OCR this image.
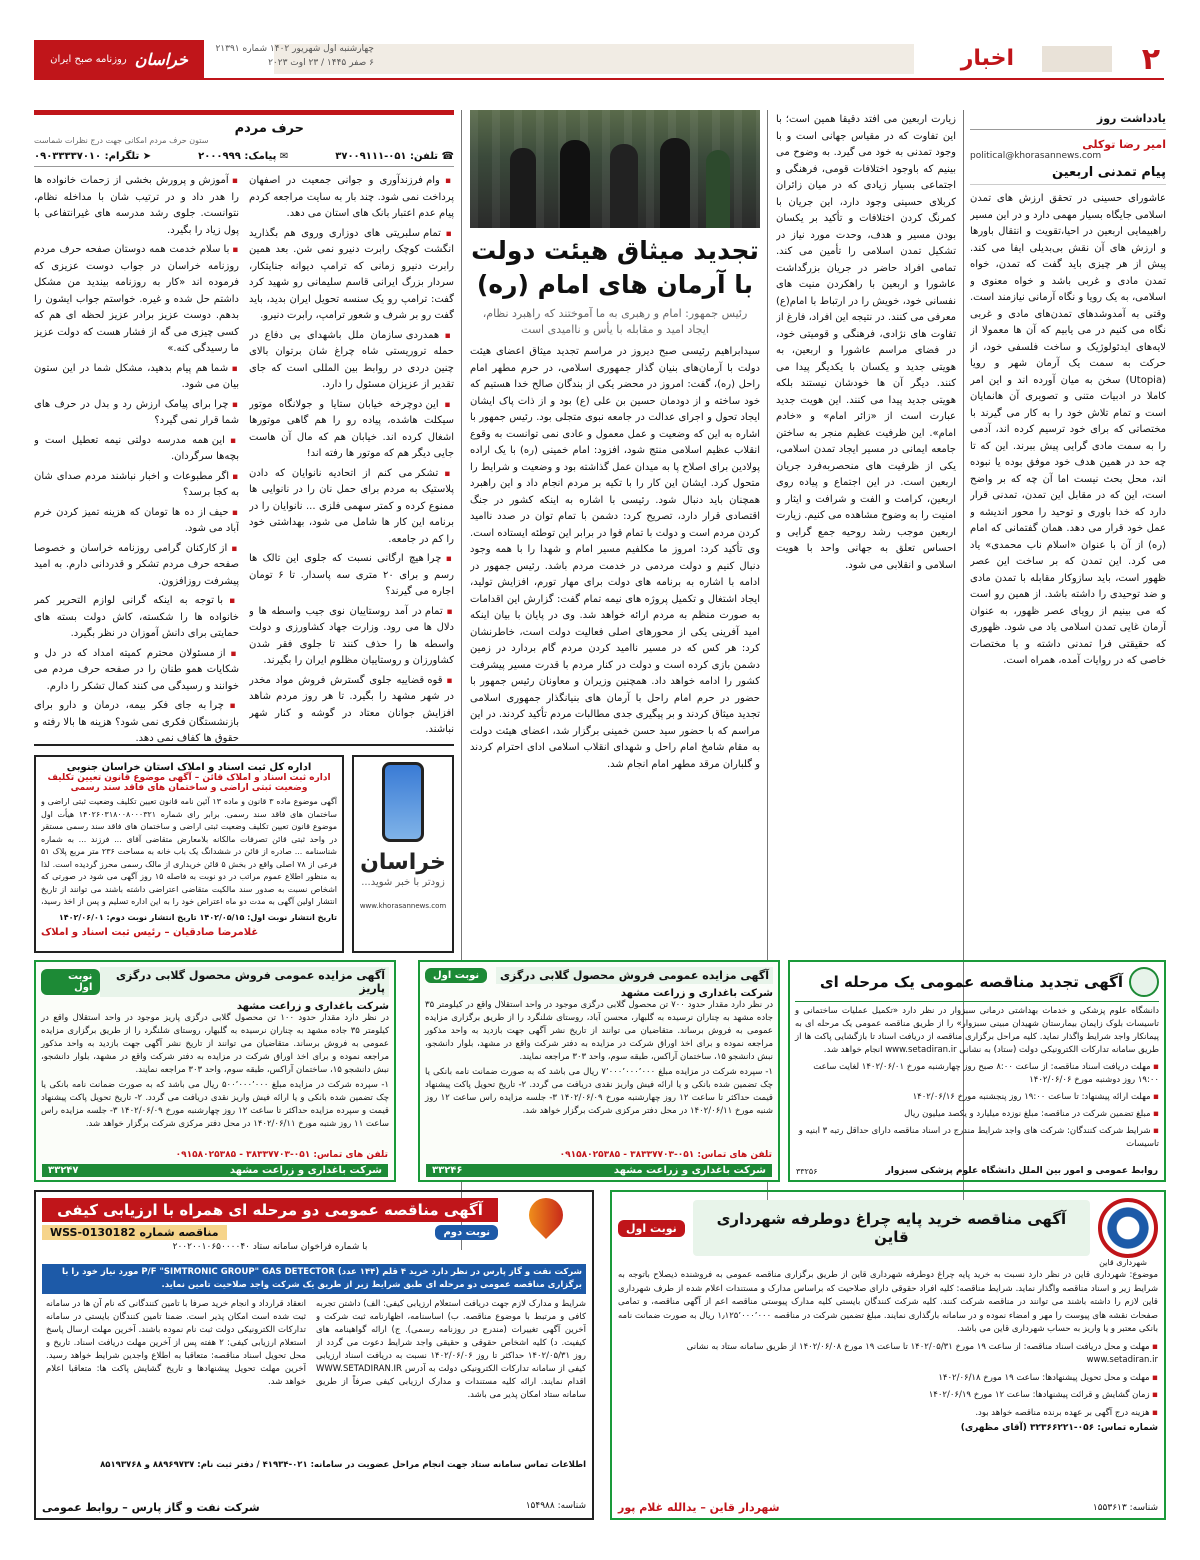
۲
اخبار
چهارشنبه اول شهریور ۱۴۰۲ شماره ۲۱۳۹۱
۶ صفر ۱۴۴۵ / ۲۳ اوت ۲۰۲۳
خراسان
روزنامه صبح ایران
یادداشت روز
امیر رضا توکلی
political@khorasannews.com
پیام تمدنی اربعین
عاشورای حسینی در تحقق ارزش های تمدن اسلامی جایگاه بسیار مهمی دارد و در این مسیر راهبیمایی اربعین در احیا،تقویت و انتقال باورها و ارزش های آن نقش بی‌بدیلی ایفا می کند. پیش از هر چیزی باید گفت که تمدن، خواه تمدن مادی و غربی باشد و خواه معنوی و اسلامی، به یک رویا و نگاه آرمانی نیازمند است. وقتی به آمدوشدهای تمدن‌های مادی و غربی نگاه می کنیم در می یابیم که آن ها معمولا از لایه‌های ایدئولوژیک و ساخت فلسفی خود، از حرکت به سمت یک آرمان شهر و رویا (Utopia) سخن به میان آورده اند و این امر کاملا در ادبیات متنی و تصویری آن هانمایان است و تمام تلاش خود را به کار می گیرند با مختصاتی که برای خود ترسیم کرده اند، آدمی را به سمت مادی گرایی پیش ببرند. این که تا چه حد در همین هدف خود موفق بوده یا نبوده اند، محل بحث نیست اما آن چه که بر واضح است، این که در مقابل این تمدن، تمدنی قرار دارد که خدا باوری و توحید را محور اندیشه و عمل خود قرار می دهد. همان گفتمانی که امام (ره) از آن با عنوان «اسلام ناب محمدی» یاد می کرد. این تمدن که بر ساخت این عصر ظهور است، باید سازوکار مقابله با تمدن مادی و ضد توحیدی را داشته باشد. از همین رو است که می بینیم از رویای عصر ظهور، به عنوان آرمان غایی تمدن اسلامی یاد می شود. ظهوری که حقیقتی فرا تمدنی داشته و با مختصات خاصی که در روایات آمده، همراه است.
زیارت اربعین می افتد دقیقا همین است؛ با این تفاوت که در مقیاس جهانی است و با وجود تمدنی به خود می گیرد. به وضوح می بینیم که باوجود اختلافات قومی، فرهنگی و اجتماعی بسیار زیادی که در میان زائران کربلای حسینی وجود دارد، این جریان با کمرنگ کردن اختلافات و تأکید بر یکسان بودن مسیر و هدف، وحدت مورد نیاز در تشکیل تمدن اسلامی را تأمین می کند. تمامی افراد حاضر در جریان بزرگداشت عاشورا و اربعین با راهکردن منیت های نفسانی خود، خویش را در ارتباط با امام(ع) معرفی می کنند. در نتیجه این افراد، فارغ از تفاوت های نژادی، فرهنگی و قومیتی خود، در فضای مراسم عاشورا و اربعین، به هویتی جدید و یکسان با یکدیگر پیدا می کنند. دیگر آن ها خودشان نیستند بلکه هویتی جدید پیدا می کنند. این هویت جدید عبارت است از «زائر امام» و «خادم امام». این ظرفیت عظیم منجر به ساختن جامعه ایمانی در مسیر ایجاد تمدن اسلامی، یکی از ظرفیت های منحصربه‌فرد جریان اربعین است. در این اجتماع و پیاده روی اربعین، کرامت و الفت و شرافت و ایثار و امنیت را به وضوح مشاهده می کنیم. زیارت اربعین موجب رشد روحیه جمع گرایی و احساس تعلق به جهانی واحد با هویت اسلامی و انقلابی می شود.
تجدید میثاق هیئت دولت با آرمان های امام (ره)
رئیس جمهور: امام و رهبری به ما آموختند که راهبرد نظام، ایجاد امید و مقابله با یأس و ناامیدی است
سیدابراهیم رئیسی صبح دیروز در مراسم تجدید میثاق اعضای هیئت دولت با آرمان‌های بنیان گذار جمهوری اسلامی، در حرم مطهر امام راحل (ره)، گفت: امروز در محضر یکی از بندگان صالح خدا هستیم که خود ساخته و از دودمان حسین بن علی (ع) بود و از ذات پاک ایشان ایجاد تحول و اجرای عدالت در جامعه نبوی متجلی بود. رئیس جمهور با اشاره به این که وضعیت و عمل معمول و عادی نمی توانست به وقوع انقلاب عظیم اسلامی منتج شود، افزود: امام خمینی (ره) با یک اراده پولادین برای اصلاح پا به میدان عمل گذاشته بود و وضعیت و شرایط را متحول کرد. ایشان این کار را با تکیه بر مردم انجام داد و این راهبرد همچنان باید دنبال شود. رئیسی با اشاره به اینکه کشور در جنگ اقتصادی قرار دارد، تصریح کرد: دشمن با تمام توان در صدد ناامید کردن مردم است و دولت با تمام قوا در برابر این توطئه ایستاده است. وی تأکید کرد: امروز ما مکلفیم مسیر امام و شهدا را با همه وجود دنبال کنیم و دولت مردمی در خدمت مردم باشد. رئیس جمهور در ادامه با اشاره به برنامه های دولت برای مهار تورم، افزایش تولید، ایجاد اشتغال و تکمیل پروژه های نیمه تمام گفت: گزارش این اقدامات به صورت منظم به مردم ارائه خواهد شد. وی در پایان با بیان اینکه امید آفرینی یکی از محورهای اصلی فعالیت دولت است، خاطرنشان کرد: هر کس که در مسیر ناامید کردن مردم گام بردارد در زمین دشمن بازی کرده است و دولت در کنار مردم با قدرت مسیر پیشرفت کشور را ادامه خواهد داد. همچنین وزیران و معاونان رئیس جمهور با حضور در حرم امام راحل با آرمان های بنیانگذار جمهوری اسلامی تجدید میثاق کردند و بر پیگیری جدی مطالبات مردم تأکید کردند. در این مراسم که با حضور سید حسن خمینی برگزار شد، اعضای هیئت دولت به مقام شامخ امام راحل و شهدای انقلاب اسلامی ادای احترام کردند و گلباران مرقد مطهر امام انجام شد.
حرف مردم
ستون حرف مردم امکانی جهت درج نظرات شماست
☎ تلفن: ۰۵۱-۳۷۰۰۹۱۱۱
✉ پیامک: ۲۰۰۰۹۹۹
➤ تلگرام: ۰۹۰۳۳۳۳۷۰۱۰
◾ وام فرزندآوری و جوانی جمعیت در اصفهان پرداخت نمی شود. چند بار به سایت مراجعه کردم پیام عدم اعتبار بانک های استان می دهد.
◾ تمام سلبریتی های دوزاری وروی هم بگذارید انگشت کوچک رابرت دنیرو نمی شن. بعد همین رابرت دنیرو زمانی که ترامپ دیوانه جنایتکار، سردار بزرگ ایرانی قاسم سلیمانی رو شهید کرد گفت: ترامپ رو یک سنسه تحویل ایران بدید، باید گفت رو بر شرف و شعور ترامپ، رابرت دنیرو.
◾ همدردی سازمان ملل باشهدای بی دفاع در حمله تروریستی شاه چراغ شان برتوان بالای چنین دردی در روابط بین المللی است که جای تقدیر از عزیزان مسئول را دارد.
◾ این دوچرخه‌ خیابان ستایا و جولانگاه موتور سیکلت هاشده، پیاده رو را هم گاهی موتورها اشغال کرده اند. خیابان هم که مال آن هاست جایی دیگر هم که موتور ها رفته اند!
◾ تشکر می کنم از اتحادیه نانوایان که دادن پلاستیک به مردم برای حمل نان را در نانوایی ها ممنوع کرده و کمتر سهمی فلزی ... نانوایان را در برنامه این کار ها شامل می شود، بهداشتی خود را کم در جامعه.
◾ چرا هیچ ارگانی نسبت که جلوی این تالک ها رسم و برای ۲۰ متری سه پاسدار. تا ۶ تومان اجاره می گیرند؟
◾ تمام در آمد روستاییان نوی جیب واسطه ها و دلال ها می رود. وزارت جهاد کشاورزی و دولت واسطه ها را حذف کنند تا جلوی فقر شدن کشاورزان و روستاییان مظلوم ایران را بگیرند.
◾ قوه قضاییه جلوی گسترش فروش مواد مخدر در شهر مشهد را بگیرد. تا هر روز مردم شاهد افزایش جوانان معتاد در گوشه و کنار شهر نباشند.
◾
◾ آموزش و پرورش بخشی از زحمات خانواده ها را هدر داد و در ترتیب شان با مداخله نظام، نتوانست. جلوی رشد مدرسه های غیرانتفاعی با پول زیاد را بگیرد.
◾ با سلام خدمت همه دوستان صفحه حرف مردم روزنامه خراسان در جواب دوست عزیزی که فرموده اند «کار به روزنامه بیندید من مشکل داشتم حل شده و غیره. خواستم جواب ایشون را بدهم. دوست عزیز برادر عزیز لحظه ای هم که کسی چیزی می گه از فشار هست که دولت عزیز ما رسیدگی کنه.»
◾ شما هم پیام بدهید، مشکل شما در این ستون بیان می شود.
◾ چرا برای پیامک ارزش رد و بدل در حرف های شما قرار نمی گیرد؟
◾ این همه مدرسه دولتی نیمه تعطیل است و بچه‌ها سرگردان.
◾ اگر مطبوعات و اخبار نباشند مردم صدای شان به کجا برسد؟
◾ حیف از ده ها تومان که هزینه تمیز کردن خرم آباد می شود.
◾ از کارکنان گرامی روزنامه خراسان و خصوصا صفحه حرف مردم تشکر و قدردانی دارم. به امید پیشرفت روزافزون.
◾ با توجه به اینکه گرانی لوازم التحریر کمر خانواده ها را شکسته، کاش دولت بسته های حمایتی برای دانش آموزان در نظر بگیرد.
◾ از مسئولان محترم کمیته امداد که در دل و شکایات همو طنان را در صفحه حرف مردم می خوانند و رسیدگی می کنند کمال تشکر را دارم.
◾ چرا به جای فکر بیمه، درمان و دارو برای بازنشستگان فکری نمی شود؟ هزینه ها بالا رفته و حقوق ها کفاف نمی دهد.
اداره کل ثبت اسناد و املاک استان خراسان جنوبی
اداره ثبت اسناد و املاک قائن – آگهی موضوع قانون تعیین تکلیف وضعیت ثبتی اراضی و ساختمان های فاقد سند رسمی
آگهی موضوع ماده ۳ قانون و ماده ۱۳ آئین نامه قانون تعیین تکلیف وضعیت ثبتی اراضی و ساختمان های فاقد سند رسمی. برابر رای شماره ۱۴۰۲۶۰۳۱۸۰۰۸۰۰۰۳۲۱ هیأت اول موضوع قانون تعیین تکلیف وضعیت ثبتی اراضی و ساختمان های فاقد سند رسمی مستقر در واحد ثبتی قائن تصرفات مالکانه بلامعارض متقاضی آقای ... فرزند ... به شماره شناسنامه ... صادره از قائن در ششدانگ یک باب خانه به مساحت ۲۳۶ متر مربع پلاک ۵۱ فرعی از ۷۸ اصلی واقع در بخش ۵ قائن خریداری از مالک رسمی محرز گردیده است. لذا به منظور اطلاع عموم مراتب در دو نوبت به فاصله ۱۵ روز آگهی می شود در صورتی که اشخاص نسبت به صدور سند مالکیت متقاضی اعتراضی داشته باشند می توانند از تاریخ انتشار اولین آگهی به مدت دو ماه اعتراض خود را به این اداره تسلیم و پس از اخذ رسید،
تاریخ انتشار نوبت اول: ۱۴۰۲/۰۵/۱۵ تاریخ انتشار نوبت دوم: ۱۴۰۲/۰۶/۰۱
غلامرضا صادقیان – رئیس ثبت اسناد و املاک
خراسان
زودتر با خبر شوید...
www.khorasannews.com
آگهی تجدید مناقصه عمومی یک مرحله ای
دانشگاه علوم پزشکی و خدمات بهداشتی درمانی سبزوار در نظر دارد «تکمیل عملیات ساختمانی و تاسیسات بلوک زایمان بیمارستان شهیدان مبینی سبزوار» را از طریق مناقصه عمومی یک مرحله ای به پیمانکار واجد شرایط واگذار نماید. کلیه مراحل برگزاری مناقصه از دریافت اسناد تا بازگشایی پاکت ها از طریق سامانه تدارکات الکترونیکی دولت (ستاد) به نشانی www.setadiran.ir انجام خواهد شد.
◾ مهلت دریافت اسناد مناقصه: از ساعت ۸:۰۰ صبح روز چهارشنبه مورخ ۱۴۰۲/۰۶/۰۱ لغایت ساعت ۱۹:۰۰ روز دوشنبه مورخ ۱۴۰۲/۰۶/۰۶
◾ مهلت ارائه پیشنهاد: تا ساعت ۱۹:۰۰ روز پنجشنبه مورخ ۱۴۰۲/۰۶/۱۶
◾ مبلغ تضمین شرکت در مناقصه: مبلغ نوزده میلیارد و یکصد میلیون ریال
◾ شرایط شرکت کنندگان: شرکت های واجد شرایط مندرج در اسناد مناقصه دارای حداقل رتبه ۳ ابنیه و تاسیسات
روابط عمومی و امور بین الملل دانشگاه علوم پزشکی سبزوار
۳۳۲۵۶
آگهی مزایده عمومی فروش محصول گلابی درگزی
نوبت اول
شرکت باغداری و زراعت مشهد
در نظر دارد مقدار حدود ۷۰۰ تن محصول گلابی درگزی موجود در واحد استقلال واقع در کیلومتر ۳۵ جاده مشهد به چناران نرسیده به گلبهار، محسن آباد، روستای شلنگرد را از طریق برگزاری مزایده عمومی به فروش برساند. متقاضیان می توانند از تاریخ نشر آگهی جهت بازدید به واحد مذکور مراجعه نموده و برای اخذ اوراق شرکت در مزایده به دفتر شرکت واقع در مشهد، بلوار دانشجو، نبش دانشجو ۱۵، ساختمان آراکس، طبقه سوم، واحد ۳۰۳ مراجعه نمایند.
۱- سپرده شرکت در مزایده مبلغ ۷٬۰۰۰٬۰۰۰٬۰۰۰ ریال می باشد که به صورت ضمانت نامه بانکی یا چک تضمین شده بانکی و یا ارائه فیش واریز نقدی دریافت می گردد. ۲- تاریخ تحویل پاکت پیشنهاد قیمت حداکثر تا ساعت ۱۲ روز چهارشنبه مورخ ۱۴۰۲/۰۶/۰۹ ۳- جلسه مزایده راس ساعت ۱۲ روز شنبه مورخ ۱۴۰۲/۰۶/۱۱ در محل دفتر مرکزی شرکت برگزار خواهد شد.
تلفن های تماس: ۰۵۱-۳۸۳۳۷۷۰۳ - ۰۹۱۵۸۰۲۵۳۸۵
شرکت باغداری و زراعت مشهد
۳۳۲۴۶
آگهی مزایده عمومی فروش محصول گلابی درگزی پاریز
نوبت اول
شرکت باغداری و زراعت مشهد
در نظر دارد مقدار حدود ۱۰۰ تن محصول گلابی درگزی پاریز موجود در واحد استقلال واقع در کیلومتر ۳۵ جاده مشهد به چناران نرسیده به گلبهار، روستای شلنگرد را از طریق برگزاری مزایده عمومی به فروش برساند. متقاضیان می توانند از تاریخ نشر آگهی جهت بازدید به واحد مذکور مراجعه نموده و برای اخذ اوراق شرکت در مزایده به دفتر شرکت واقع در مشهد، بلوار دانشجو، نبش دانشجو ۱۵، ساختمان آراکس، طبقه سوم، واحد ۳۰۳ مراجعه نمایند.
۱- سپرده شرکت در مزایده مبلغ ۵۰۰٬۰۰۰٬۰۰۰ ریال می باشد که به صورت ضمانت نامه بانکی یا چک تضمین شده بانکی و یا ارائه فیش واریز نقدی دریافت می گردد. ۲- تاریخ تحویل پاکت پیشنهاد قیمت و سپرده مزایده حداکثر تا ساعت ۱۲ روز چهارشنبه مورخ ۱۴۰۲/۰۶/۰۹ ۳- جلسه مزایده راس ساعت ۱۱ روز شنبه مورخ ۱۴۰۲/۰۶/۱۱ در محل دفتر مرکزی شرکت برگزار خواهد شد.
تلفن های تماس: ۰۵۱-۳۸۳۳۷۷۰۳ - ۰۹۱۵۸۰۲۵۳۸۵
شرکت باغداری و زراعت مشهد
۳۳۲۴۷
آگهی مناقصه خرید پایه چراغ دوطرفه شهرداری قاین
نوبت اول
شهرداری قاین
موضوع: شهرداری قاین در نظر دارد نسبت به خرید پایه چراغ دوطرفه شهرداری قاین از طریق برگزاری مناقصه عمومی به فروشنده ذیصلاح باتوجه به شرایط زیر و اسناد مناقصه واگذار نماید. شرایط مناقصه: کلیه افراد حقوقی دارای صلاحیت که براساس مدارک و مستندات اعلام شده از طرف شهرداری قاین لازم را داشته باشند می توانند در مناقصه شرکت کنند. کلیه شرکت کنندگان بایستی کلیه مدارک پیوستی مناقصه اعم از آگهی مناقصه، و تمامی صفحات نقشه های پیوست را مهر و امضاء نموده و در سامانه بارگذاری نمایند. مبلغ تضمین شرکت در مناقصه ۱٫۱۲۵٬۰۰۰٬۰۰۰ ریال به صورت ضمانت نامه بانکی معتبر و یا واریز به حساب شهرداری قاین می باشد.
◾ مهلت و محل دریافت اسناد مناقصه: از ساعت ۱۹ مورخ ۱۴۰۲/۰۵/۳۱ تا ساعت ۱۹ مورخ ۱۴۰۲/۰۶/۰۸ از طریق سامانه ستاد به نشانی www.setadiran.ir
◾ مهلت و محل تحویل پیشنهادها: ساعت ۱۹ مورخ ۱۴۰۲/۰۶/۱۸
◾ زمان گشایش و قرائت پیشنهادها: ساعت ۱۲ مورخ ۱۴۰۲/۰۶/۱۹
◾ هزینه درج آگهی بر عهده برنده مناقصه خواهد بود.
شماره تماس: ۰۵۶-۳۲۳۶۶۲۲۱ (آقای مظهری)
شناسه: ۱۵۵۳۶۱۳
شهردار قاین – یدالله غلام پور
آگهی مناقصه عمومی دو مرحله ای همراه با ارزیابی کیفی
نوبت دوم
مناقصه شماره WSS-0130182
با شماره فراخوان سامانه ستاد ۲۰۰۲۰۰۱۰۶۵۰۰۰۰۴۰
شرکت نفت و گاز پارس در نظر دارد خرید ۴ قلم (۱۴۴ عدد) P/F "SIMTRONIC GROUP" GAS DETECTOR مورد نیاز خود را با برگزاری مناقصه عمومی دو مرحله ای طبق شرایط زیر از طریق یک شرکت واجد صلاحیت تامین نماید.
شرایط و مدارک لازم جهت دریافت استعلام ارزیابی کیفی: الف) داشتن تجربه کافی و مرتبط با موضوع مناقصه. ب) اساسنامه، اظهارنامه ثبت شرکت و آخرین آگهی تغییرات (مندرج در روزنامه رسمی). ج) ارائه گواهینامه های کیفیت. د) کلیه اشخاص حقوقی و حقیقی واجد شرایط دعوت می گردد از روز ۱۴۰۲/۰۵/۳۱ حداکثر تا روز ۱۴۰۲/۰۶/۰۶ نسبت به دریافت اسناد ارزیابی کیفی از سامانه تدارکات الکترونیکی دولت به آدرس WWW.SETADIRAN.IR اقدام نمایند. ارائه کلیه مستندات و مدارک ارزیابی کیفی صرفاً از طریق سامانه ستاد امکان پذیر می باشد.
انعقاد قرارداد و انجام خرید صرفا با تامین کنندگانی که نام آن ها در سامانه ثبت شده است امکان پذیر است. ضمنا تامین کنندگان بایستی در سامانه تدارکات الکترونیکی دولت ثبت نام نموده باشند. آخرین مهلت ارسال پاسخ استعلام ارزیابی کیفی: ۲ هفته پس از آخرین مهلت دریافت اسناد. تاریخ و محل تحویل اسناد مناقصه: متعاقبا به اطلاع واجدین شرایط خواهد رسید. آخرین مهلت تحویل پیشنهادها و تاریخ گشایش پاکت ها: متعاقبا اعلام خواهد شد.
اطلاعات تماس سامانه ستاد جهت انجام مراحل عضویت در سامانه: ۰۲۱-۴۱۹۳۴ / دفتر ثبت نام: ۸۸۹۶۹۷۳۷ و ۸۵۱۹۳۷۶۸
شناسه: ۱۵۴۹۸۸
شرکت نفت و گاز پارس – روابط عمومی
